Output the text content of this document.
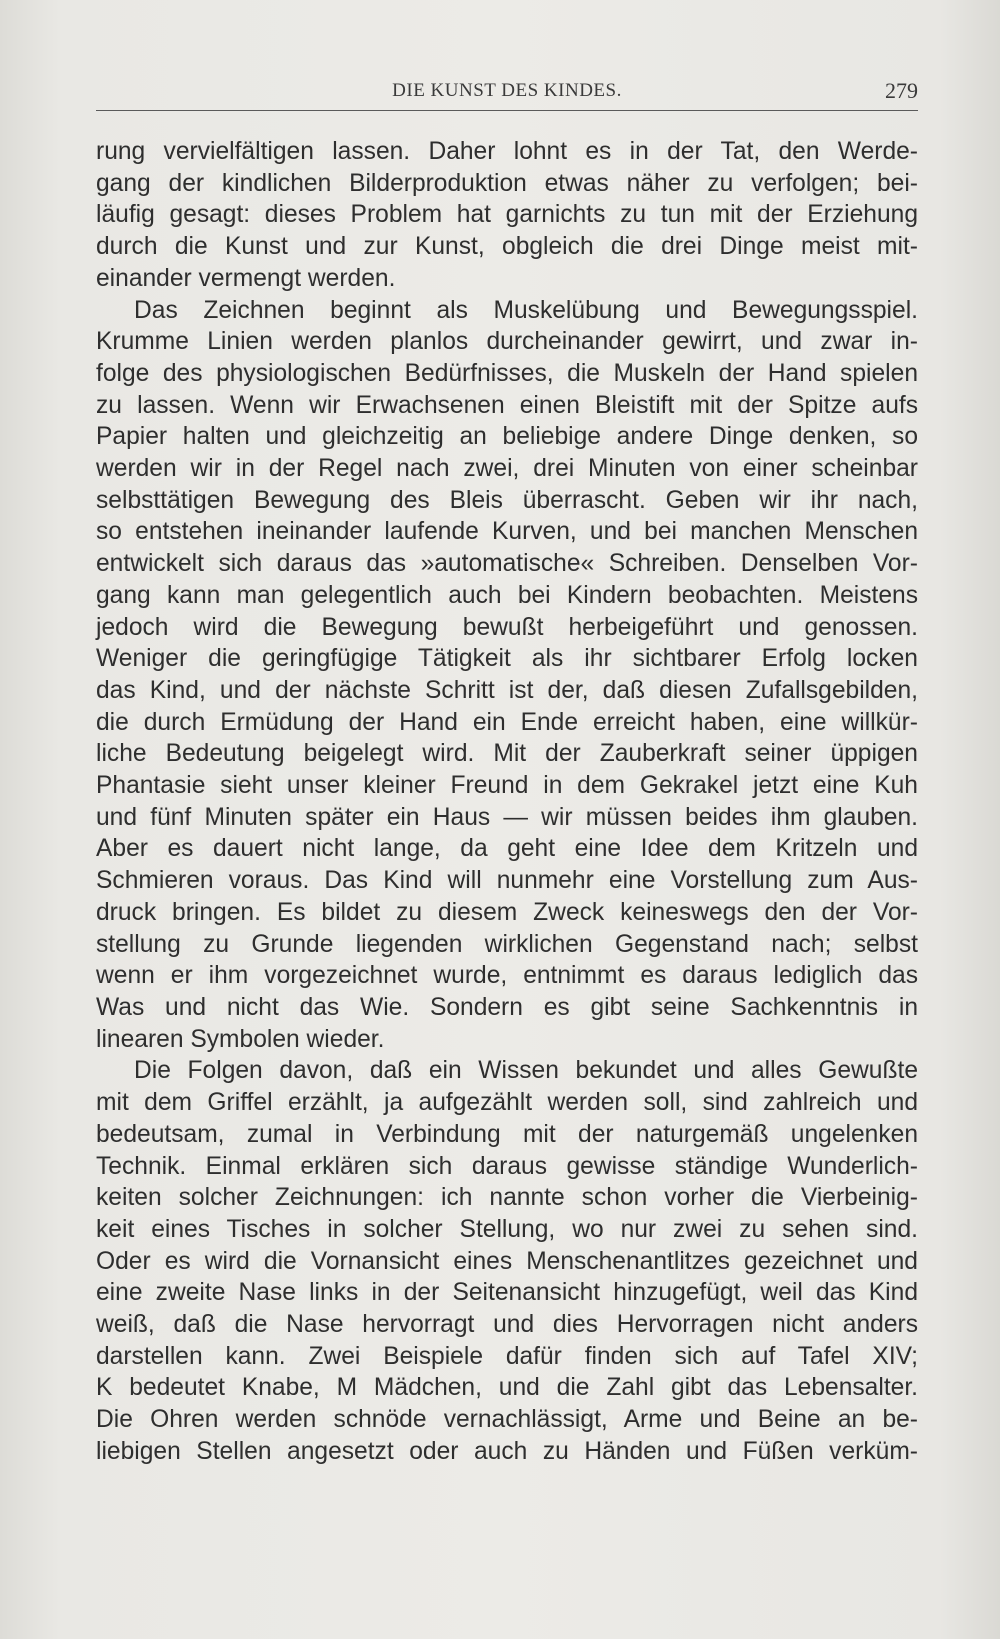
DIE KUNST DES KINDES.	279

rung vervielfältigen lassen. Daher lohnt es in der Tat, den Werde-
gang der kindlichen Bilderproduktion etwas näher zu verfolgen; bei-
läufig gesagt: dieses Problem hat garnichts zu tun mit der Erziehung
durch die Kunst und zur Kunst, obgleich die drei Dinge meist mit-
einander vermengt werden.

Das Zeichnen beginnt als Muskelübung und Bewegungsspiel.
Krumme Linien werden planlos durcheinander gewirrt, und zwar in-
folge des physiologischen Bedürfnisses, die Muskeln der Hand spielen
zu lassen. Wenn wir Erwachsenen einen Bleistift mit der Spitze aufs
Papier halten und gleichzeitig an beliebige andere Dinge denken, so
werden wir in der Regel nach zwei, drei Minuten von einer scheinbar
selbsttätigen Bewegung des Bleis überrascht. Geben wir ihr nach,
so entstehen ineinander laufende Kurven, und bei manchen Menschen
entwickelt sich daraus das »automatische« Schreiben. Denselben Vor-
gang kann man gelegentlich auch bei Kindern beobachten. Meistens
jedoch wird die Bewegung bewußt herbeigeführt und genossen.
Weniger die geringfügige Tätigkeit als ihr sichtbarer Erfolg locken
das Kind, und der nächste Schritt ist der, daß diesen Zufallsgebilden,
die durch Ermüdung der Hand ein Ende erreicht haben, eine willkür-
liche Bedeutung beigelegt wird. Mit der Zauberkraft seiner üppigen
Phantasie sieht unser kleiner Freund in dem Gekrakel jetzt eine Kuh
und fünf Minuten später ein Haus — wir müssen beides ihm glauben.
Aber es dauert nicht lange, da geht eine Idee dem Kritzeln und
Schmieren voraus. Das Kind will nunmehr eine Vorstellung zum Aus-
druck bringen. Es bildet zu diesem Zweck keineswegs den der Vor-
stellung zu Grunde liegenden wirklichen Gegenstand nach; selbst
wenn er ihm vorgezeichnet wurde, entnimmt es daraus lediglich das
Was und nicht das Wie. Sondern es gibt seine Sachkenntnis in
linearen Symbolen wieder.

Die Folgen davon, daß ein Wissen bekundet und alles Gewußte
mit dem Griffel erzählt, ja aufgezählt werden soll, sind zahlreich und
bedeutsam, zumal in Verbindung mit der naturgemäß ungelenken
Technik. Einmal erklären sich daraus gewisse ständige Wunderlich-
keiten solcher Zeichnungen: ich nannte schon vorher die Vierbeinig-
keit eines Tisches in solcher Stellung, wo nur zwei zu sehen sind.
Oder es wird die Vornansicht eines Menschenantlitzes gezeichnet und
eine zweite Nase links in der Seitenansicht hinzugefügt, weil das Kind
weiß, daß die Nase hervorragt und dies Hervorragen nicht anders
darstellen kann. Zwei Beispiele dafür finden sich auf Tafel XIV;
K bedeutet Knabe, M Mädchen, und die Zahl gibt das Lebensalter.
Die Ohren werden schnöde vernachlässigt, Arme und Beine an be-
liebigen Stellen angesetzt oder auch zu Händen und Füßen verküm-
